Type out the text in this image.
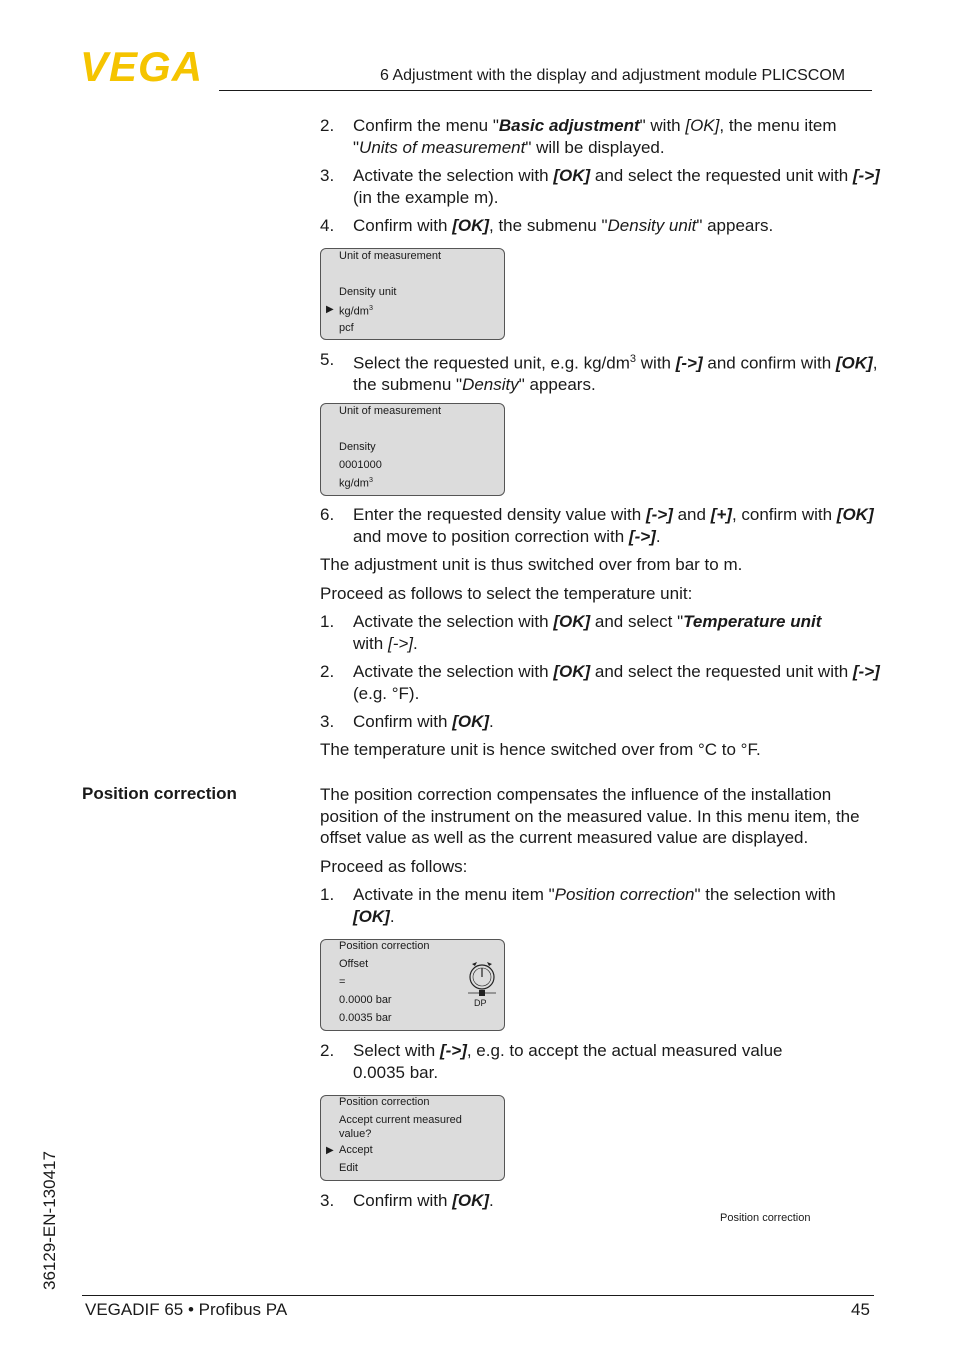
VEGA	6 Adjustment with the display and adjustment module PLICSCOM
2. Confirm the menu "Basic adjustment" with [OK], the menu item "Units of measurement" will be displayed.
3. Activate the selection with [OK] and select the requested unit with [->] (in the example m).
4. Confirm with [OK], the submenu "Density unit" appears.
Unit of measurement
Density unit
▶ $kg/dm^3$
pcf
5. Select the requested unit, e.g. $kg/dm^3$ with [->] and confirm with [OK], the submenu "Density" appears.
Unit of measurement
Density
0001000
$kg/dm^3$
6. Enter the requested density value with [->] and [+], confirm with [OK] and move to position correction with [->].
The adjustment unit is thus switched over from bar to m.
Proceed as follows to select the temperature unit:
1. Activate the selection with [OK] and select "Temperature unit
with [->].
2. Activate the selection with [OK] and select the requested unit with [->] (e.g. °F).
3. Confirm with [OK].
The temperature unit is hence switched over from °C to °F.
Position correction	The position correction compensates the influence of the installation position of the instrument on the measured value. In this menu item, the offset value as well as the current measured value are displayed.
Proceed as follows:
1. Activate in the menu item "Position correction" the selection with [OK].
Position correction
Offset
=
0.0000 bar
0.0035 bar
DP
2. Select with [->], e.g. to accept the actual measured value 0.0035 bar.
Position correction
Accept current measured
value?
▶ Accept
Edit
3. Confirm with [OK].
Position correction
36129-EN-130417
VEGADIF 65 • Profibus PA	45
